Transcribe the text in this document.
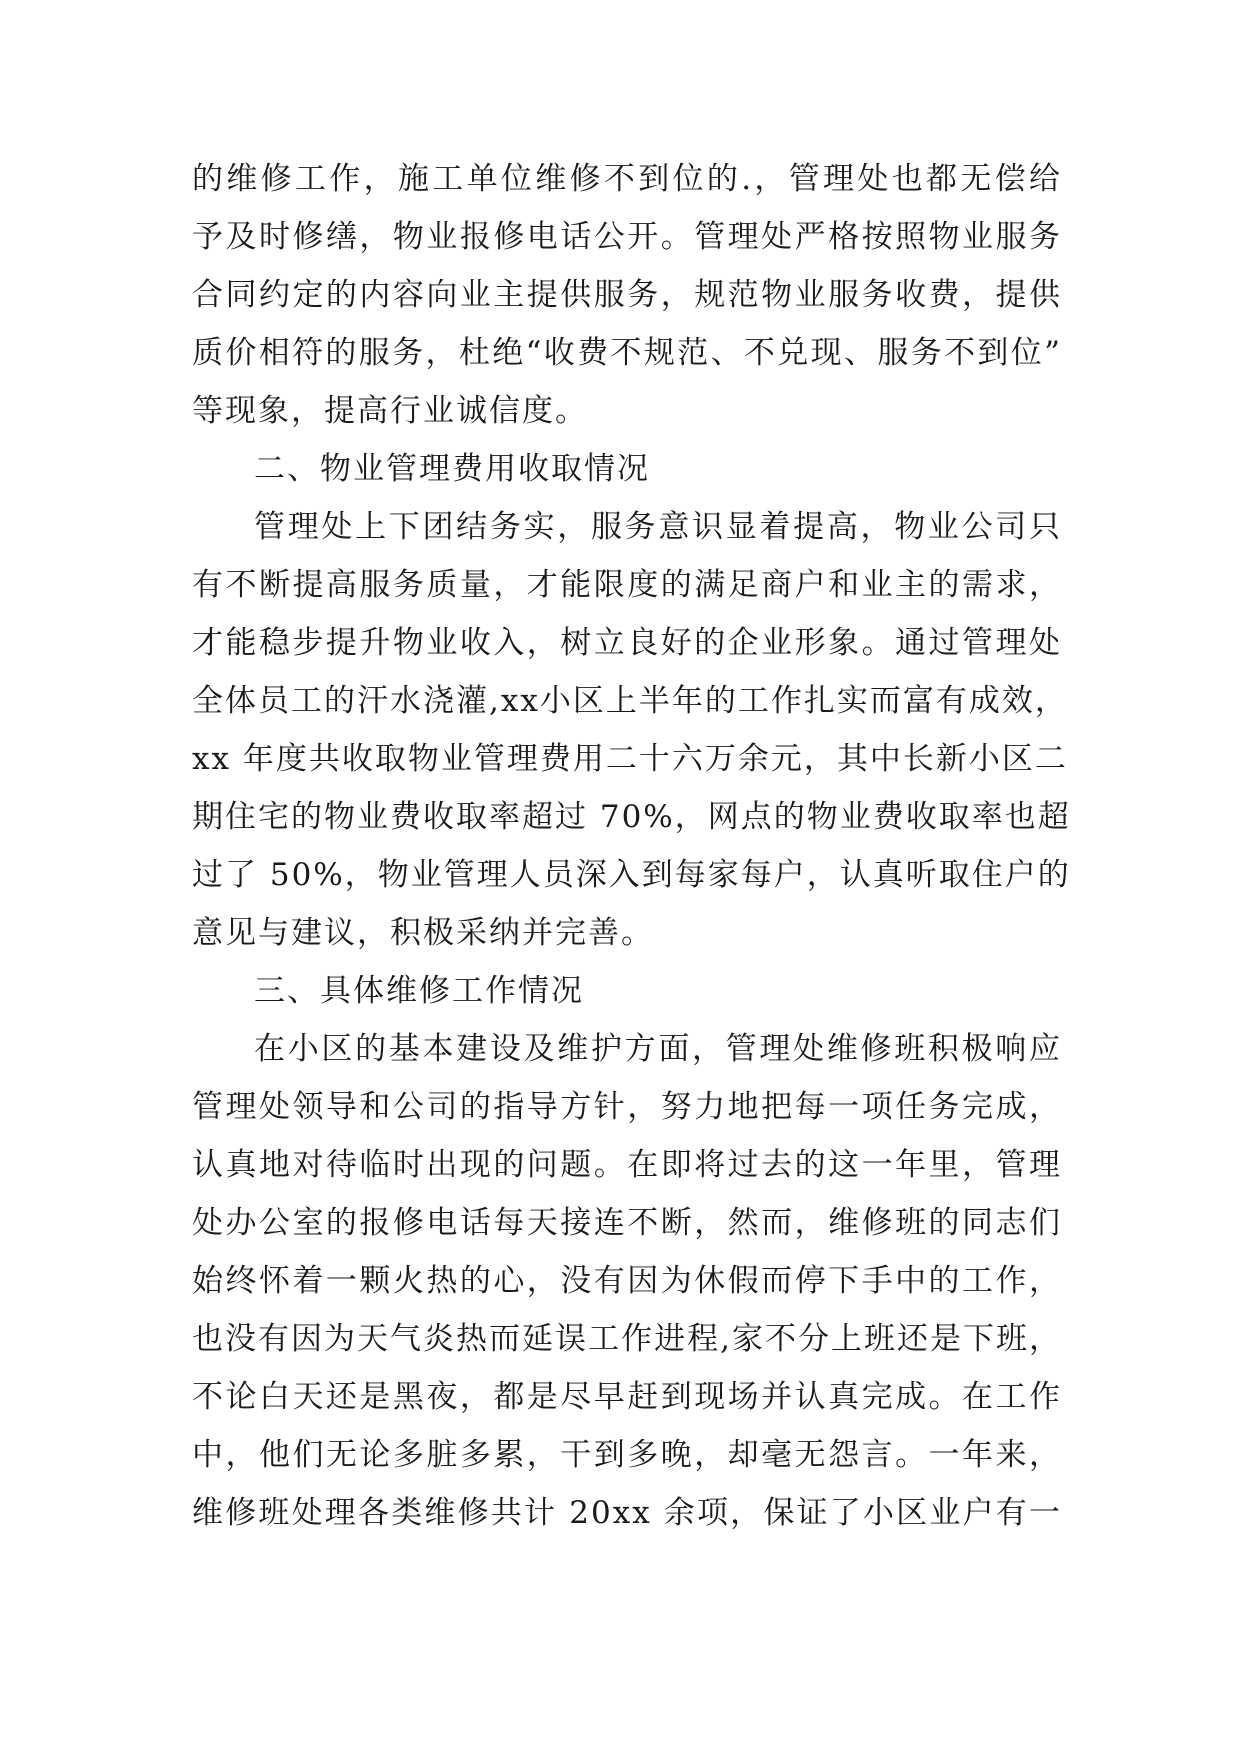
的维修工作，施工单位维修不到位的.，管理处也都无偿给
予及时修缮，物业报修电话公开。管理处严格按照物业服务
合同约定的内容向业主提供服务，规范物业服务收费，提供
质价相符的服务，杜绝“收费不规范、不兑现、服务不到位”
等现象，提高行业诚信度。
二、物业管理费用收取情况
管理处上下团结务实，服务意识显着提高，物业公司只
有不断提高服务质量，才能限度的满足商户和业主的需求，
才能稳步提升物业收入，树立良好的企业形象。通过管理处
全体员工的汗水浇灌,xx小区上半年的工作扎实而富有成效，
xx 年度共收取物业管理费用二十六万余元，其中长新小区二
期住宅的物业费收取率超过 70%，网点的物业费收取率也超
过了 50%，物业管理人员深入到每家每户，认真听取住户的
意见与建议，积极采纳并完善。
三、具体维修工作情况
在小区的基本建设及维护方面，管理处维修班积极响应
管理处领导和公司的指导方针，努力地把每一项任务完成，
认真地对待临时出现的问题。在即将过去的这一年里，管理
处办公室的报修电话每天接连不断，然而，维修班的同志们
始终怀着一颗火热的心，没有因为休假而停下手中的工作，
也没有因为天气炎热而延误工作进程,家不分上班还是下班，
不论白天还是黑夜，都是尽早赶到现场并认真完成。在工作
中，他们无论多脏多累，干到多晚，却毫无怨言。一年来，
维修班处理各类维修共计 20xx 余项，保证了小区业户有一
